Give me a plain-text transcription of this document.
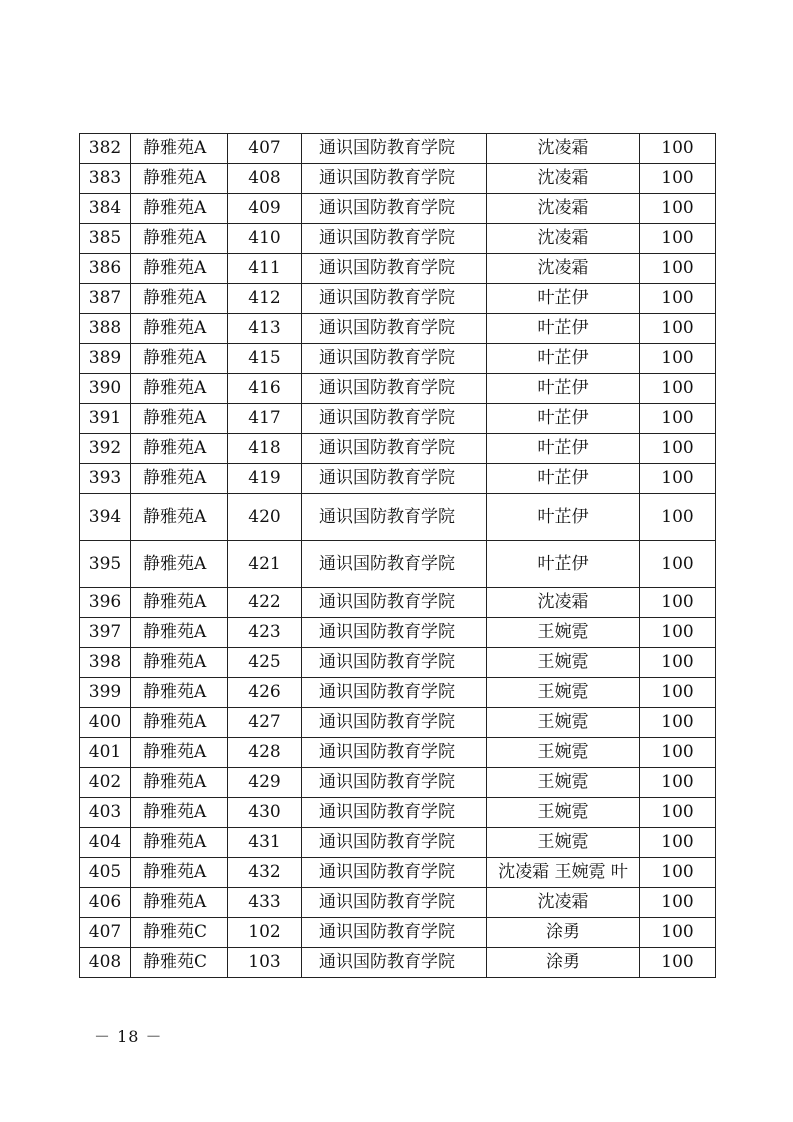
382	静雅苑A	407	通识国防教育学院	沈凌霜	100
383	静雅苑A	408	通识国防教育学院	沈凌霜	100
384	静雅苑A	409	通识国防教育学院	沈凌霜	100
385	静雅苑A	410	通识国防教育学院	沈凌霜	100
386	静雅苑A	411	通识国防教育学院	沈凌霜	100
387	静雅苑A	412	通识国防教育学院	叶芷伊	100
388	静雅苑A	413	通识国防教育学院	叶芷伊	100
389	静雅苑A	415	通识国防教育学院	叶芷伊	100
390	静雅苑A	416	通识国防教育学院	叶芷伊	100
391	静雅苑A	417	通识国防教育学院	叶芷伊	100
392	静雅苑A	418	通识国防教育学院	叶芷伊	100
393	静雅苑A	419	通识国防教育学院	叶芷伊	100
394	静雅苑A	420	通识国防教育学院	叶芷伊	100
395	静雅苑A	421	通识国防教育学院	叶芷伊	100
396	静雅苑A	422	通识国防教育学院	沈凌霜	100
397	静雅苑A	423	通识国防教育学院	王婉霓	100
398	静雅苑A	425	通识国防教育学院	王婉霓	100
399	静雅苑A	426	通识国防教育学院	王婉霓	100
400	静雅苑A	427	通识国防教育学院	王婉霓	100
401	静雅苑A	428	通识国防教育学院	王婉霓	100
402	静雅苑A	429	通识国防教育学院	王婉霓	100
403	静雅苑A	430	通识国防教育学院	王婉霓	100
404	静雅苑A	431	通识国防教育学院	王婉霓	100
405	静雅苑A	432	通识国防教育学院	沈凌霜 王婉霓 叶	100
406	静雅苑A	433	通识国防教育学院	沈凌霜	100
407	静雅苑C	102	通识国防教育学院	涂勇	100
408	静雅苑C	103	通识国防教育学院	涂勇	100
－ 18 －
